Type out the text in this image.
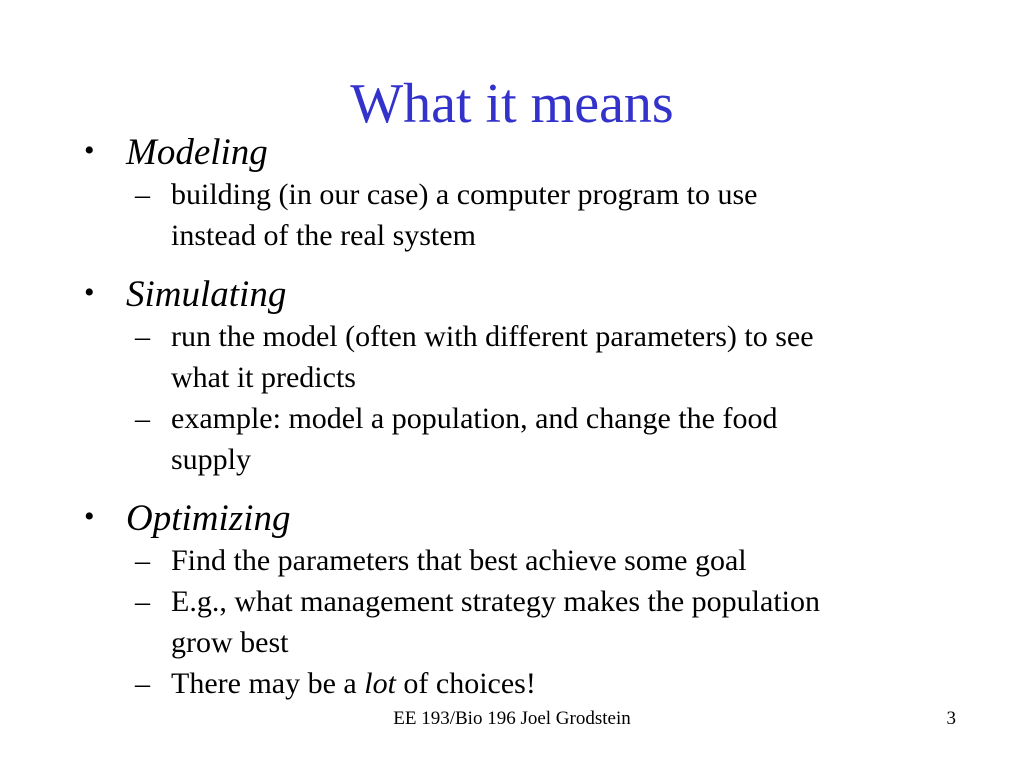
What it means
• Modeling
– building (in our case) a computer program to use
instead of the real system
• Simulating
– run the model (often with different parameters) to see
what it predicts
– example: model a population, and change the food
supply
• Optimizing
– Find the parameters that best achieve some goal
– E.g., what management strategy makes the population
grow best
– There may be a lot of choices!
EE 193/Bio 196 Joel Grodstein	3
